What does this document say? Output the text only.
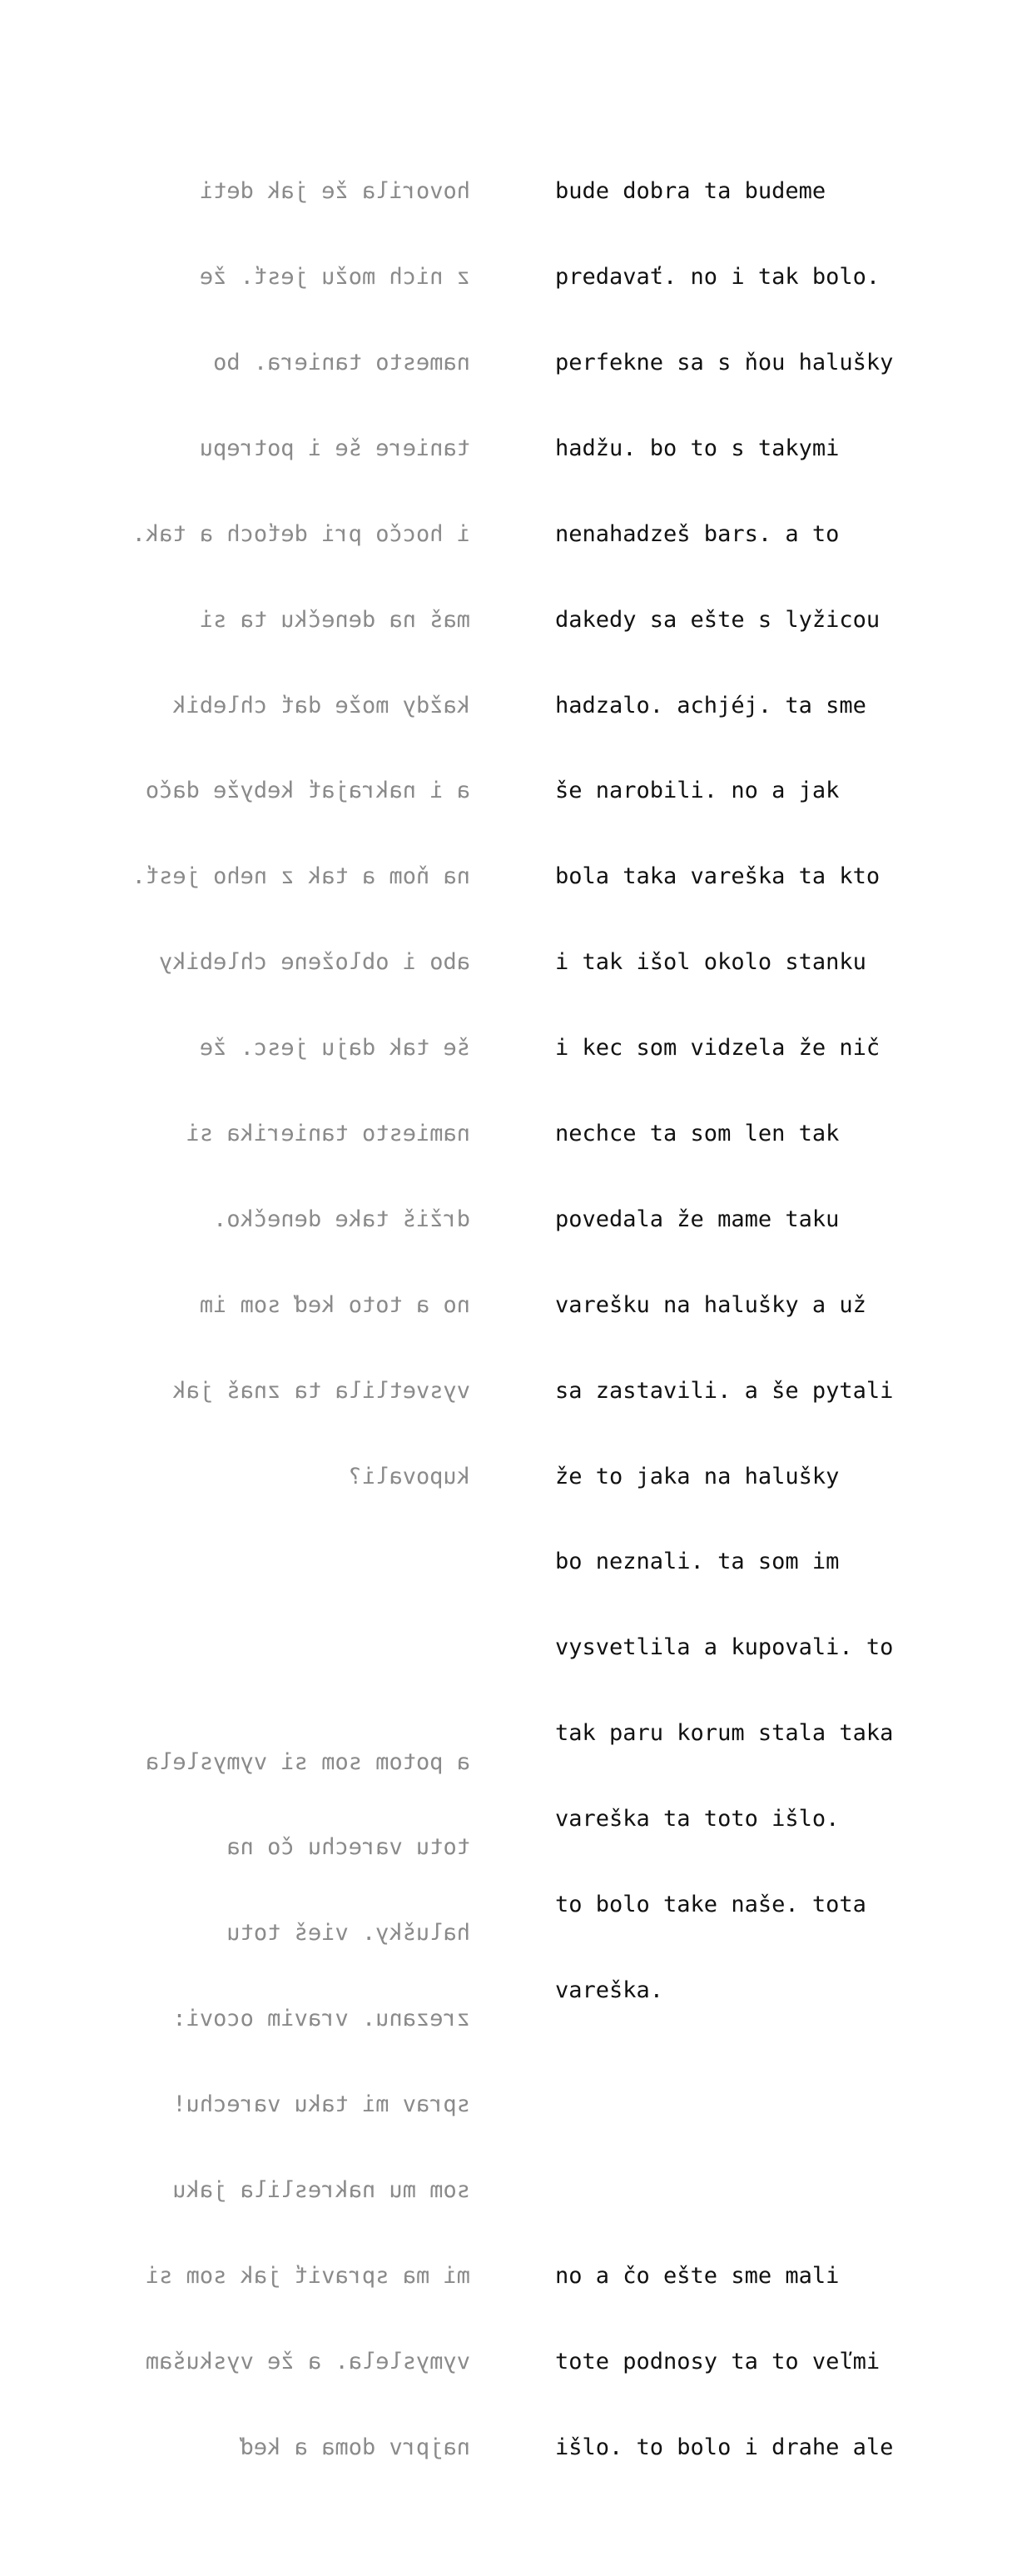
hovorila že jak deti

z nich možu jesť. že

namesto taniera. bo

taniere še i potrepu

i hocčo pri deťoch a tak.

maš na denečku ta si

každy može dať chlebik

a i nakrajať kebyže dačo

na ňom a tak z neho jesť.

abo i obložene chlebiky

še tak daju jesc. že

namiesto tanierika si

držiš take denečko.

no a toto keď som im

vysvetlila ta znaš jak

kupovali?

a potom som si vymyslela

totu varechu čo na

halušky. vieš totu

zrezanu. vravim ocovi:

sprav mi taku varechu!

som mu nakreslila jaku

mi ma spraviť jak som si

vymyslela. a že vyskušam

najprv doma a keď

bude dobra ta budeme

predavať. no i tak bolo.

perfekne sa s ňou halušky

hadžu. bo to s takymi

nenahadzeš bars. a to

dakedy sa ešte s lyžicou

hadzalo. achjéj. ta sme

še narobili. no a jak

bola taka vareška ta kto

i tak išol okolo stanku

i kec som vidzela že nič

nechce ta som len tak

povedala že mame taku

varešku na halušky a už

sa zastavili. a še pytali

že to jaka na halušky

bo neznali. ta som im

vysvetlila a kupovali. to

tak paru korum stala taka

vareška ta toto išlo.

to bolo take naše. tota

vareška.

no a čo ešte sme mali

tote podnosy ta to veľmi

išlo. to bolo i drahe ale
